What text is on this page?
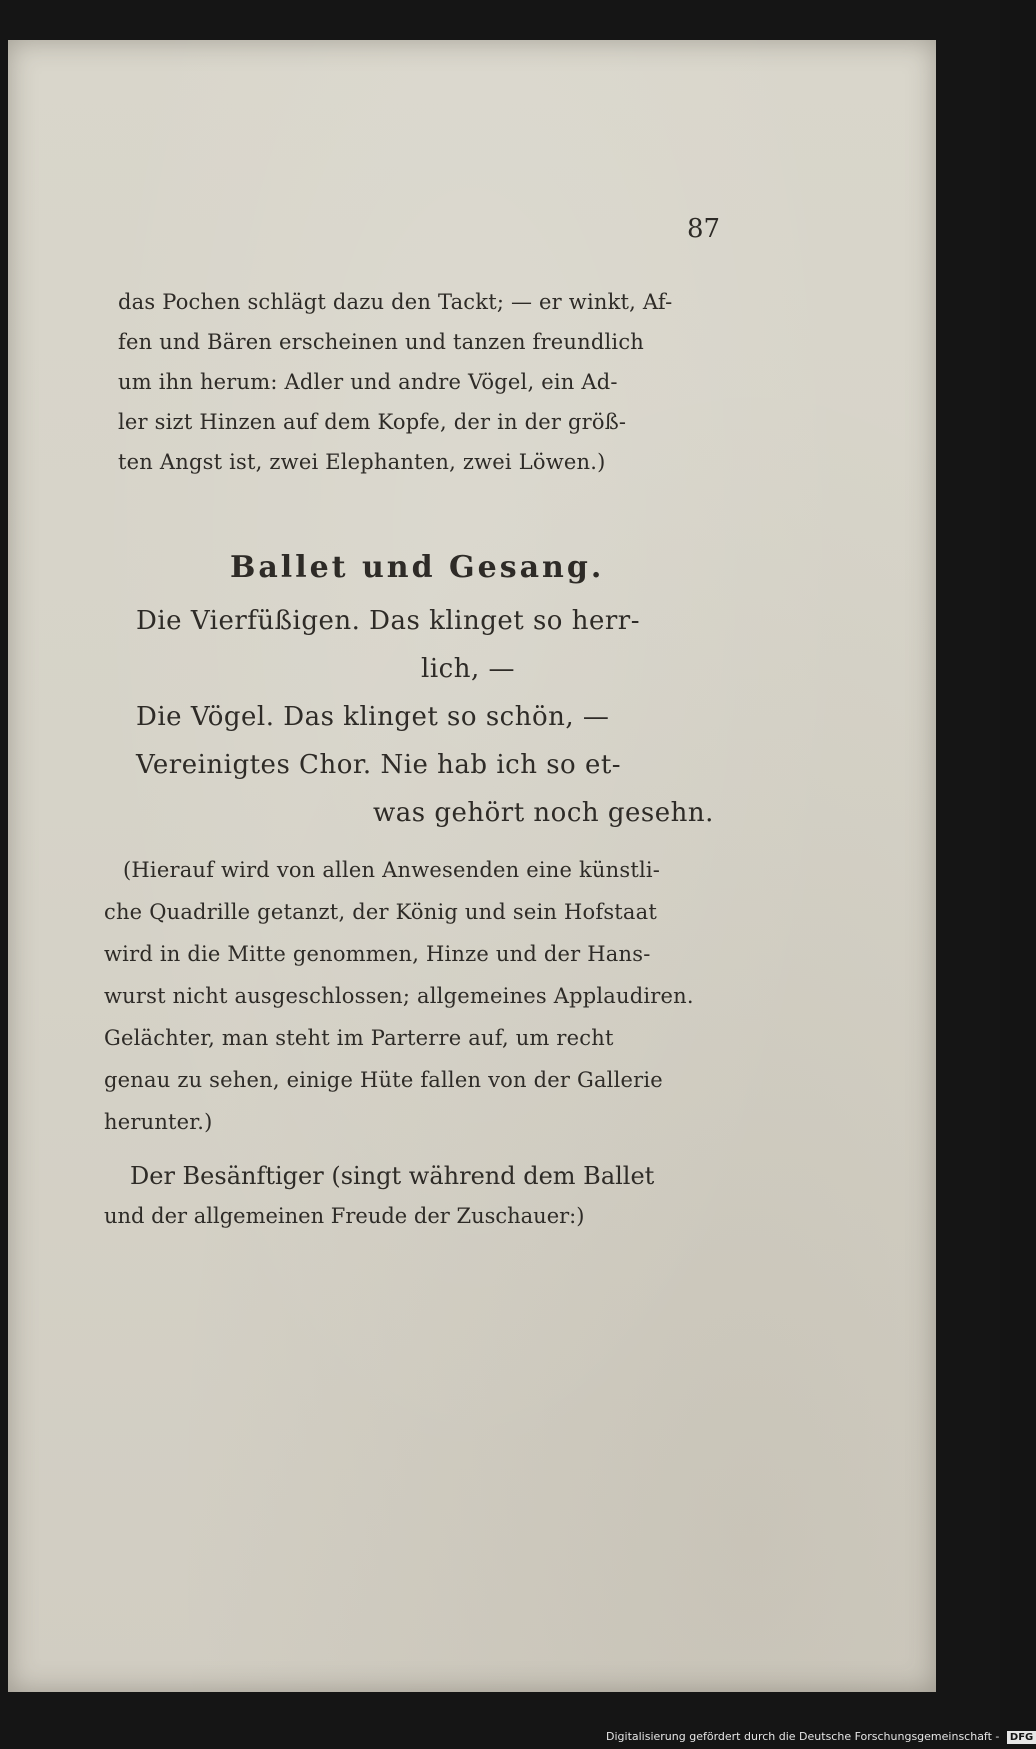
87

das Pochen schlägt dazu den Tackt; — er winkt, Af-

fen und Bären erscheinen und tanzen freundlich

um ihn herum: Adler und andre Vögel, ein Ad-

ler sizt Hinzen auf dem Kopfe, der in der größ-

ten Angst ist, zwei Elephanten, zwei Löwen.)

Ballet und Gesang.

Die Vierfüßigen. Das klinget so herr-

lich, —

Die Vögel. Das klinget so schön, —

Vereinigtes Chor. Nie hab ich so et-

was gehört noch gesehn.

(Hierauf wird von allen Anwesenden eine künstli-

che Quadrille getanzt, der König und sein Hofstaat

wird in die Mitte genommen, Hinze und der Hans-

wurst nicht ausgeschlossen; allgemeines Applaudiren.

Gelächter, man steht im Parterre auf, um recht

genau zu sehen, einige Hüte fallen von der Gallerie

herunter.)

Der Besänftiger (singt während dem Ballet

und der allgemeinen Freude der Zuschauer:)

Digitalisierung gefördert durch die Deutsche Forschungsgemeinschaft - DFG
